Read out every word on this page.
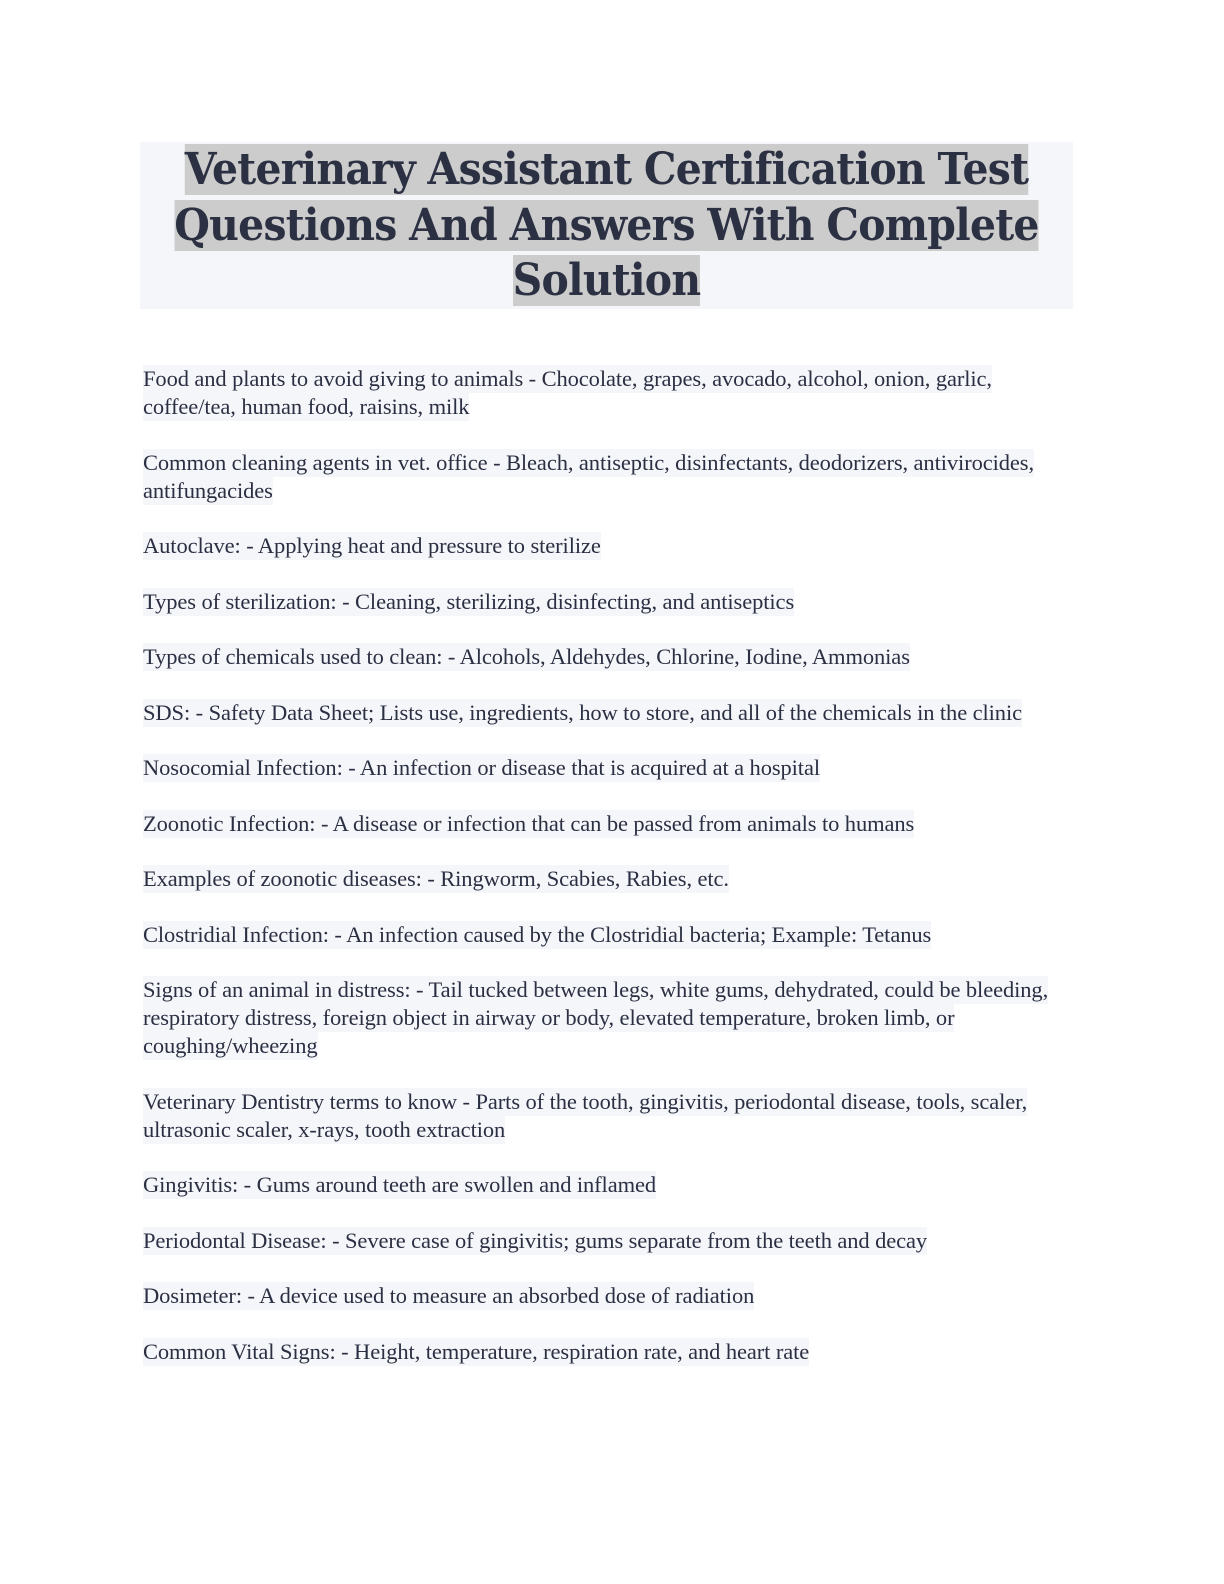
Veterinary Assistant Certification Test Questions And Answers With Complete Solution
Food and plants to avoid giving to animals - Chocolate, grapes, avocado, alcohol, onion, garlic, coffee/tea, human food, raisins, milk
Common cleaning agents in vet. office - Bleach, antiseptic, disinfectants, deodorizers, antivirocides, antifungacides
Autoclave: - Applying heat and pressure to sterilize
Types of sterilization: - Cleaning, sterilizing, disinfecting, and antiseptics
Types of chemicals used to clean: - Alcohols, Aldehydes, Chlorine, Iodine, Ammonias
SDS: - Safety Data Sheet; Lists use, ingredients, how to store, and all of the chemicals in the clinic
Nosocomial Infection: - An infection or disease that is acquired at a hospital
Zoonotic Infection: - A disease or infection that can be passed from animals to humans
Examples of zoonotic diseases: - Ringworm, Scabies, Rabies, etc.
Clostridial Infection: - An infection caused by the Clostridial bacteria; Example: Tetanus
Signs of an animal in distress: - Tail tucked between legs, white gums, dehydrated, could be bleeding, respiratory distress, foreign object in airway or body, elevated temperature, broken limb, or coughing/wheezing
Veterinary Dentistry terms to know - Parts of the tooth, gingivitis, periodontal disease, tools, scaler, ultrasonic scaler, x-rays, tooth extraction
Gingivitis: - Gums around teeth are swollen and inflamed
Periodontal Disease: - Severe case of gingivitis; gums separate from the teeth and decay
Dosimeter: - A device used to measure an absorbed dose of radiation
Common Vital Signs: - Height, temperature, respiration rate, and heart rate
